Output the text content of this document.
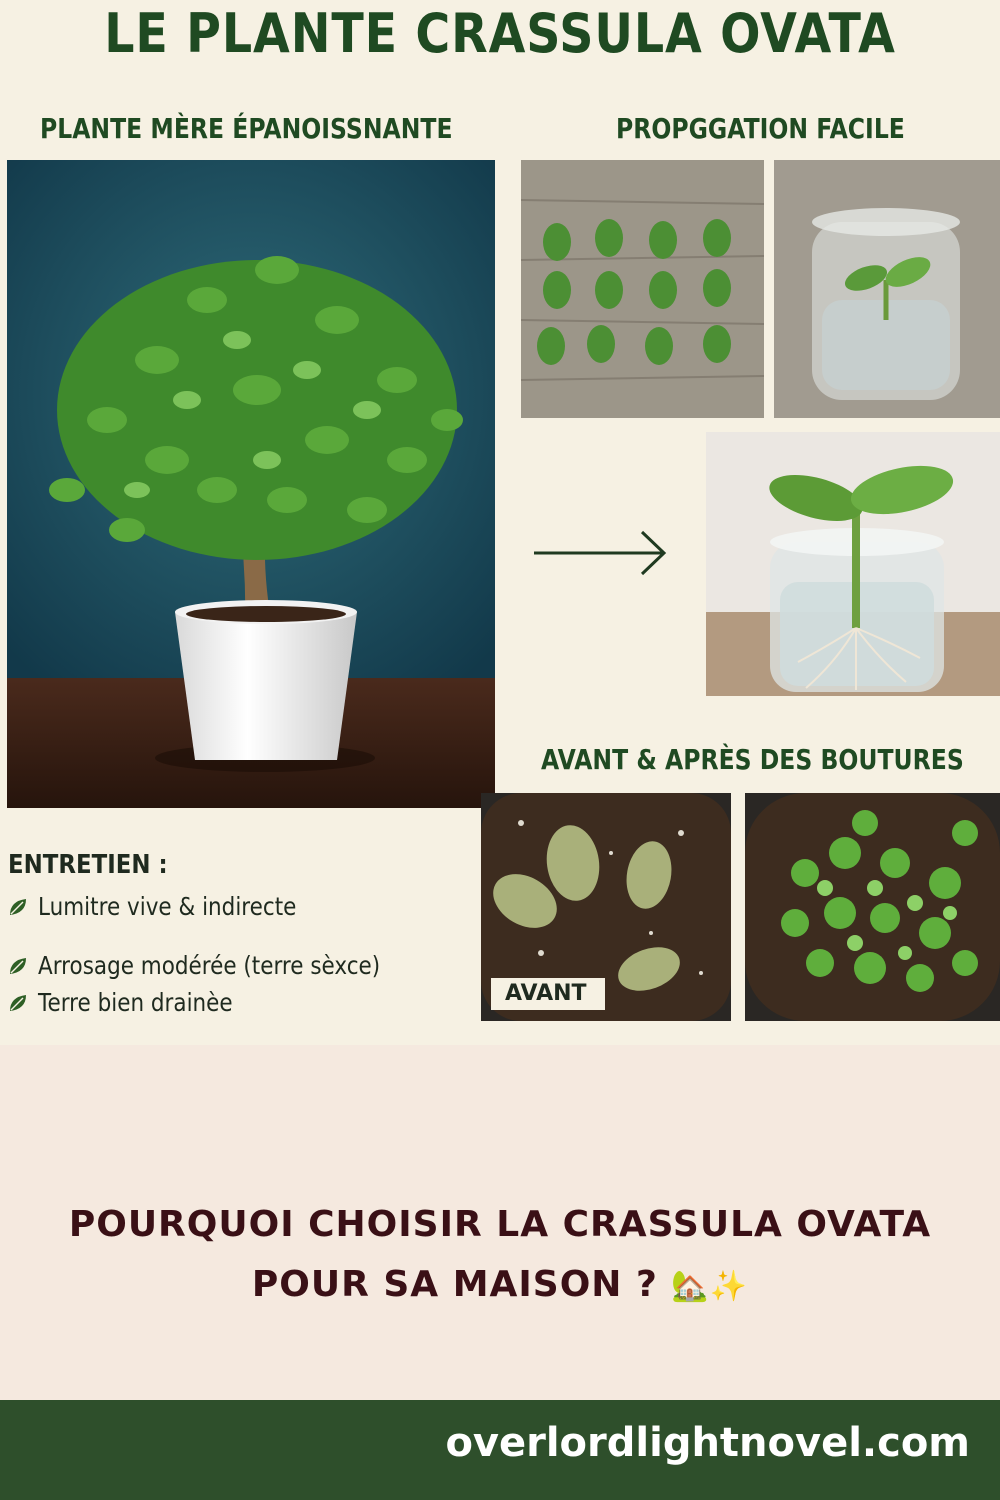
LE PLANTE CRASSULA OVATA
PLANTE MÈRE ÉPANOISSNANTE	PROPGGATION FACILE
AVANT & APRÈS DES BOUTURES
AVANT
ENTRETIEN :
Lumitre vive & indirecte
Arrosage modérée (terre sèxce)
Terre bien drainèe
POURQUOI CHOISIR LA CRASSULA OVATA
POUR SA MAISON ? 🏡✨
overlordlightnovel.com
